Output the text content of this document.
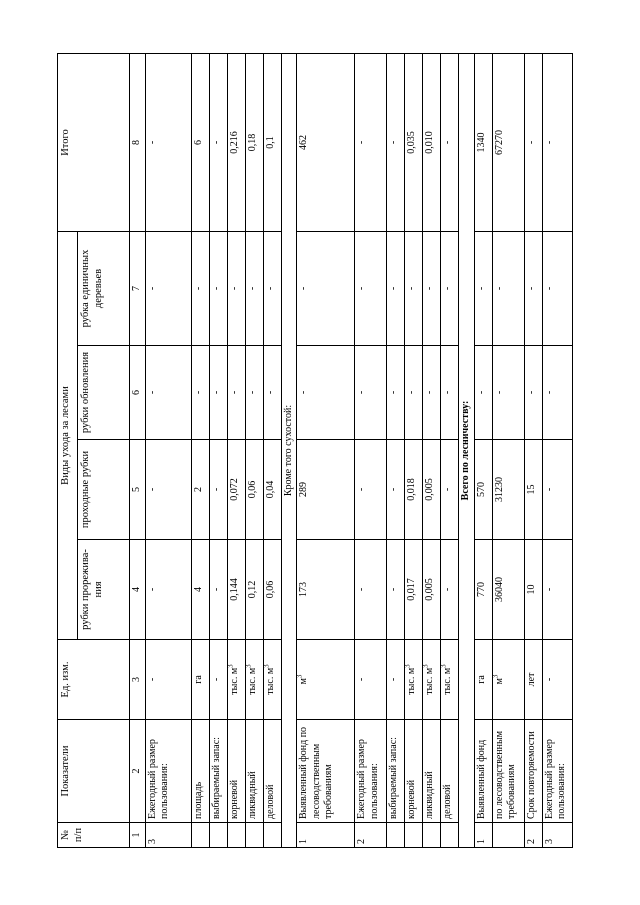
№ п/п	Показатели	Ед. изм.	Виды ухода за лесами				Итого
			рубки прорежива-ния	проходные рубки	рубки обновления	рубка единичных деревьев	
1	2	3	4	5	6	7	8
3	Ежегодный размер пользования:	-	-	-	-	-	-
	площадь	га	4	2	-	-	6
	выбираемый запас:	-	-	-	-	-	-
	корневой	тыс. $м^3$	0,144	0,072	-	-	0,216
	ликвидный	тыс. $м^3$	0,12	0,06	-	-	0,18
	деловой	тыс. $м^3$	0,06	0,04	-	-	0,1
Кроме того сухостой:							
1	Выявленный фонд по лесоводственным требованиям	$м^3$	173	289	-	-	462
2	Ежегодный размер пользования:	-	-	-	-	-	-
	выбираемый запас:	-	-	-	-	-	-
	корневой	тыс. $м^3$	0,017	0,018	-	-	0,035
	ликвидный	тыс. $м^3$	0,005	0,005	-	-	0,010
	деловой	тыс. $м^3$	-	-	-	-	-
Всего по лесничеству:							
1	Выявленный фонд	га	770	570	-	-	1340
	по лесоводственным требованиям	$м^3$	36040	31230	-	-	67270
2	Срок повторяемости	лет	10	15	-	-	-
3	Ежегодный размер пользования:	-	-	-	-	-	-
